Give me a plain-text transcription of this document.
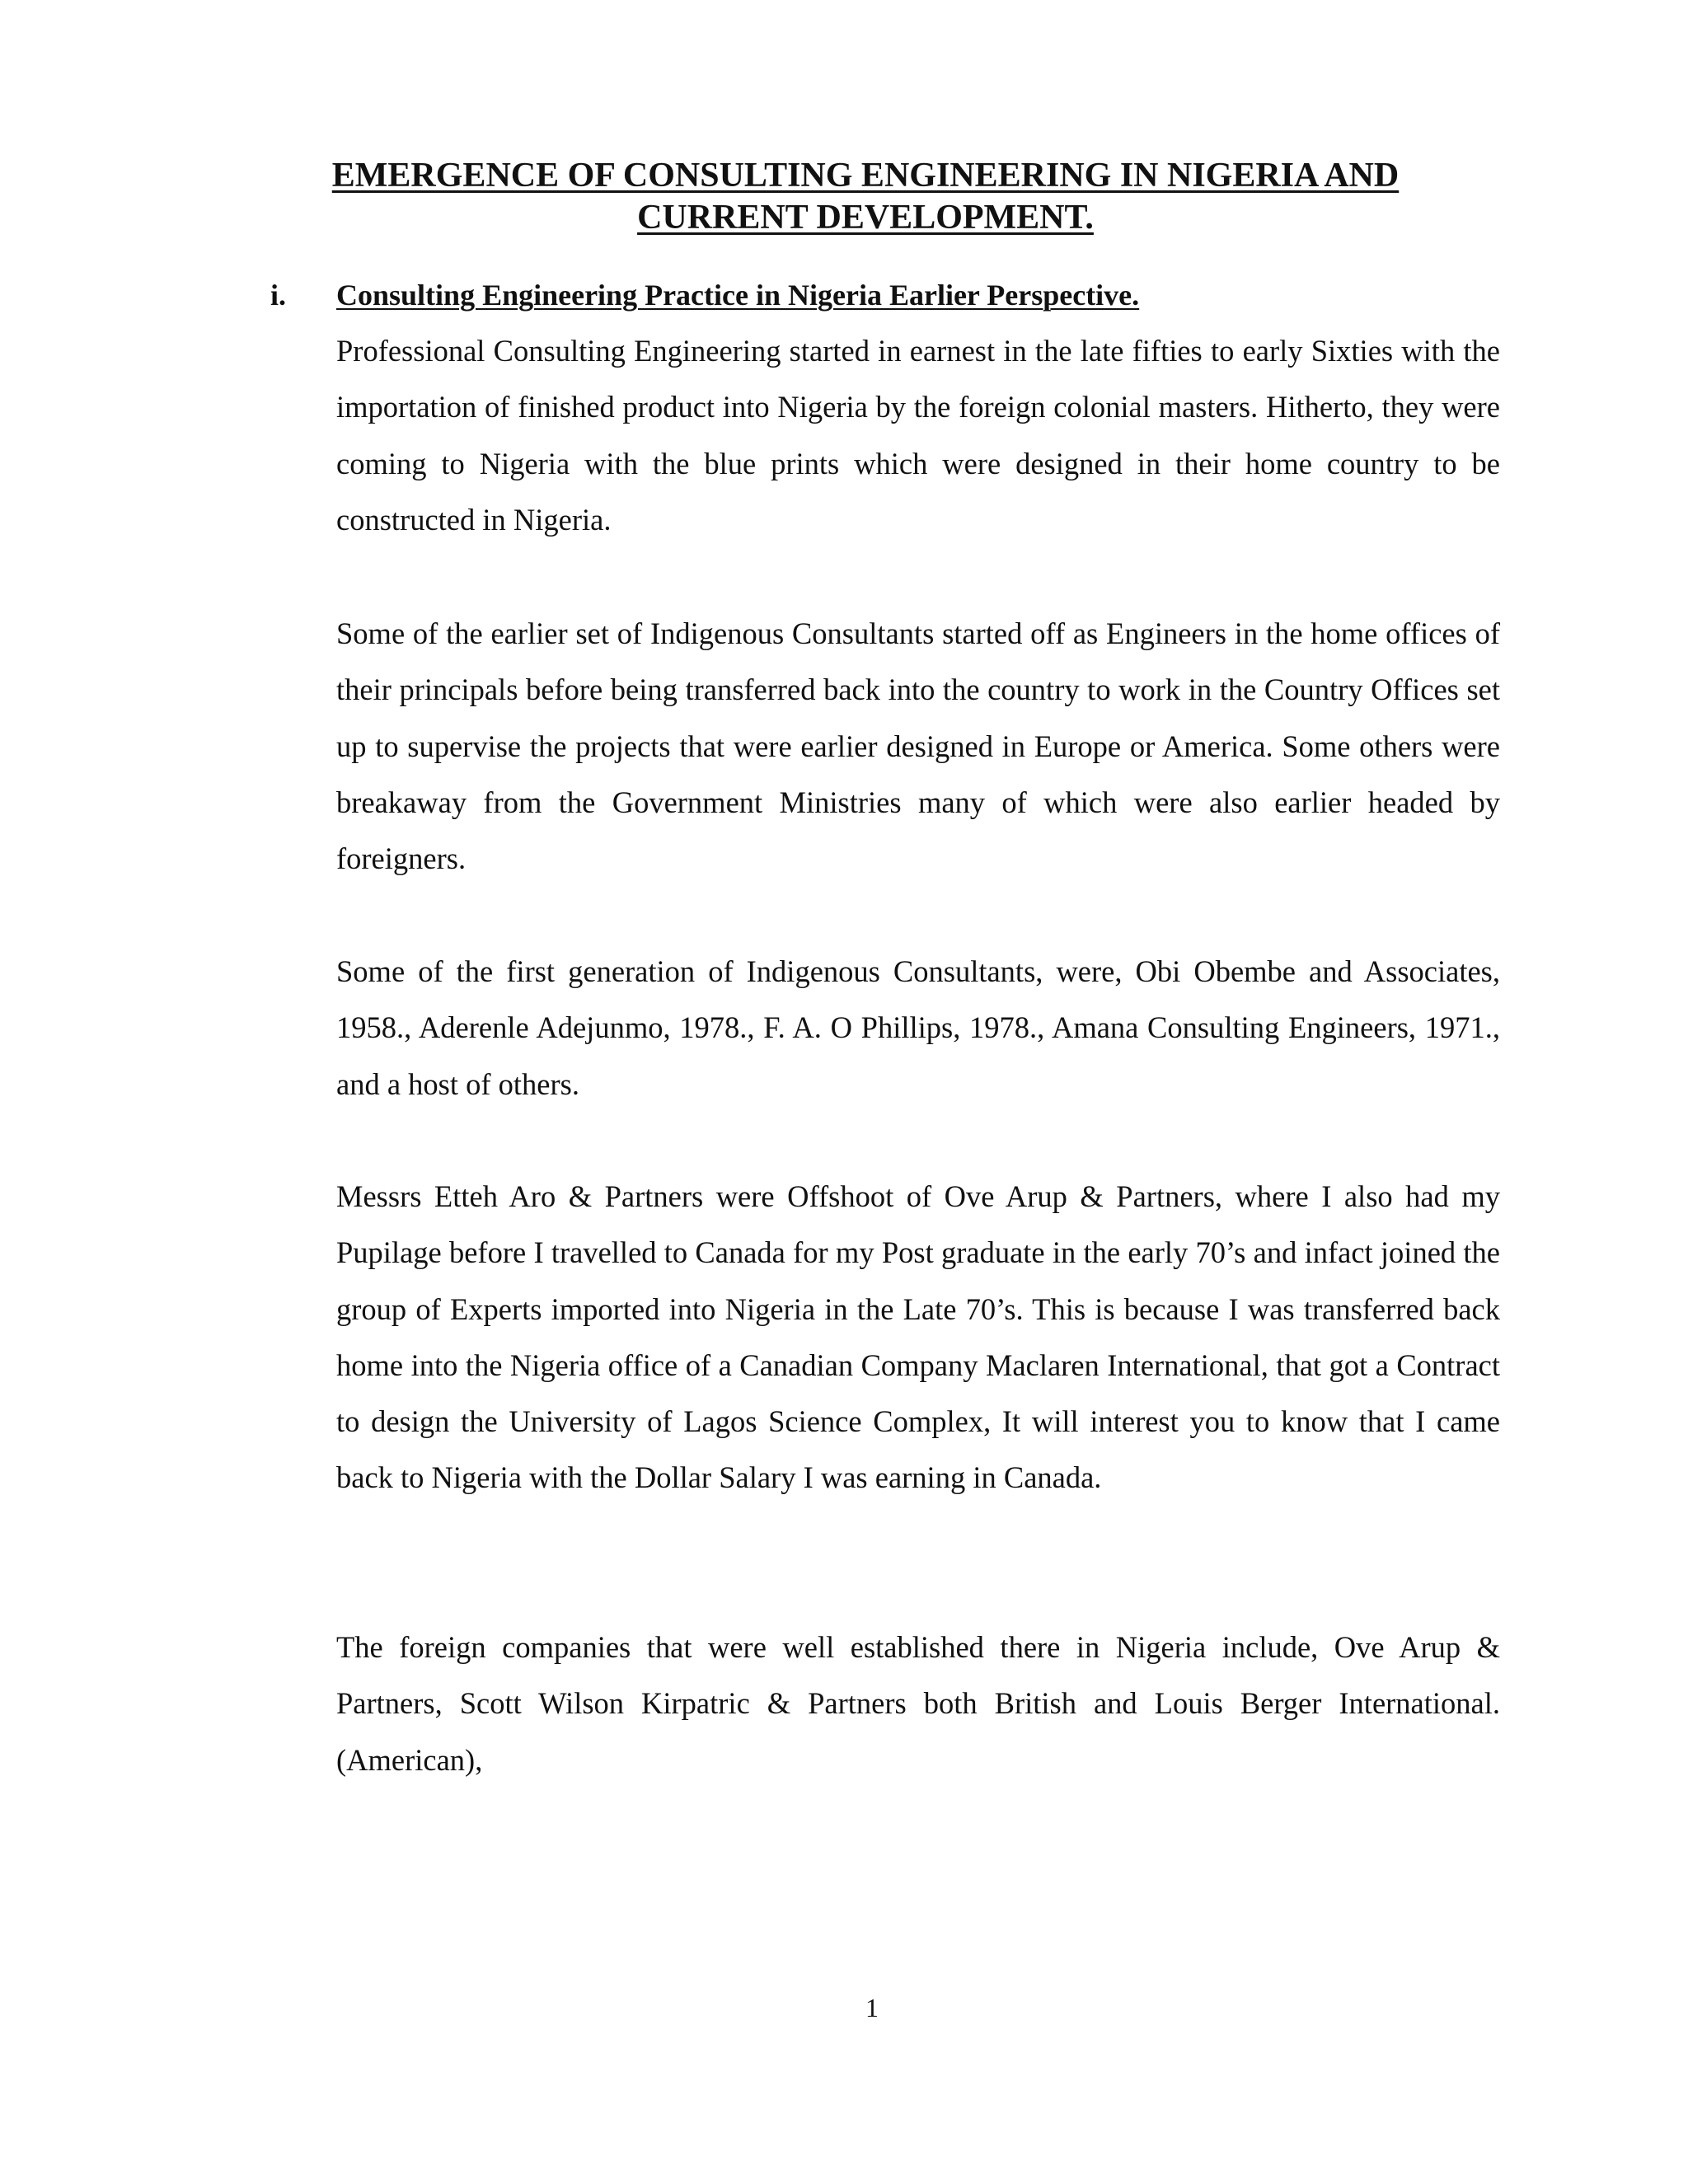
EMERGENCE OF CONSULTING ENGINEERING IN NIGERIA AND
CURRENT DEVELOPMENT.
i. Consulting Engineering Practice in Nigeria Earlier Perspective.

Professional Consulting Engineering started in earnest in the late fifties to early Sixties with the importation of finished product into Nigeria by the foreign colonial masters. Hitherto, they were coming to Nigeria with the blue prints which were designed in their home country to be constructed in Nigeria.

Some of the earlier set of Indigenous Consultants started off as Engineers in the home offices of their principals before being transferred back into the country to work in the Country Offices set up to supervise the projects that were earlier designed in Europe or America. Some others were breakaway from the Government Ministries many of which were also earlier headed by foreigners.

Some of the first generation of Indigenous Consultants, were, Obi Obembe and Associates, 1958., Aderenle Adejunmo, 1978., F. A. O Phillips, 1978., Amana Consulting Engineers, 1971., and a host of others.

Messrs Etteh Aro & Partners were Offshoot of Ove Arup & Partners, where I also had my Pupilage before I travelled to Canada for my Post graduate in the early 70’s and infact joined the group of Experts imported into Nigeria in the Late 70’s. This is because I was transferred back home into the Nigeria office of a Canadian Company Maclaren International, that got a Contract to design the University of Lagos Science Complex, It will interest you to know that I came back to Nigeria with the Dollar Salary I was earning in Canada.

The foreign companies that were well established there in Nigeria include, Ove Arup & Partners, Scott Wilson Kirpatric & Partners both British and Louis Berger International. (American),

1
